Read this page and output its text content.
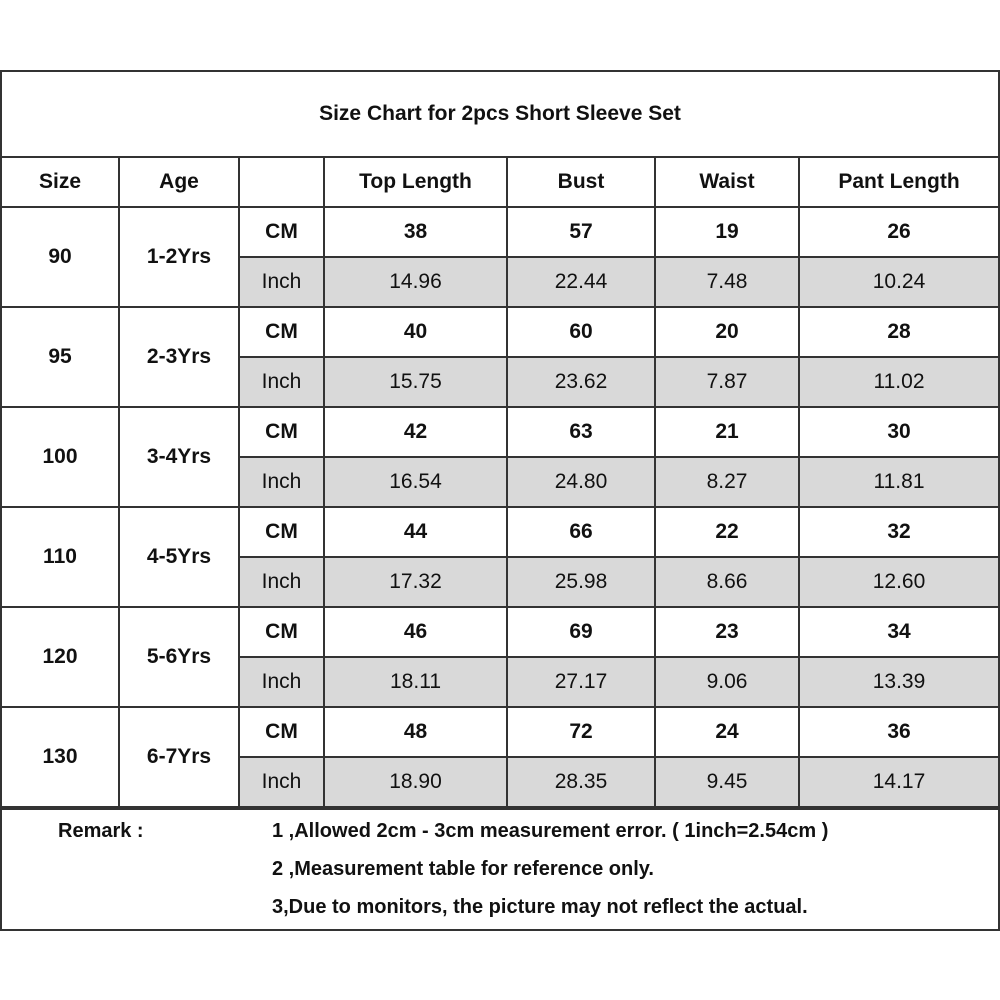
Size Chart for 2pcs Short Sleeve Set
Size	Age		Top Length	Bust	Waist	Pant Length
90	1-2Yrs	CM	38	57	19	26
		Inch	14.96	22.44	7.48	10.24
95	2-3Yrs	CM	40	60	20	28
		Inch	15.75	23.62	7.87	11.02
100	3-4Yrs	CM	42	63	21	30
		Inch	16.54	24.80	8.27	11.81
110	4-5Yrs	CM	44	66	22	32
		Inch	17.32	25.98	8.66	12.60
120	5-6Yrs	CM	46	69	23	34
		Inch	18.11	27.17	9.06	13.39
130	6-7Yrs	CM	48	72	24	36
		Inch	18.90	28.35	9.45	14.17
Remark :	1 ,Allowed 2cm - 3cm measurement error. ( 1inch=2.54cm )
2 ,Measurement table for reference only.
3,Due to monitors, the picture may not reflect the actual.
